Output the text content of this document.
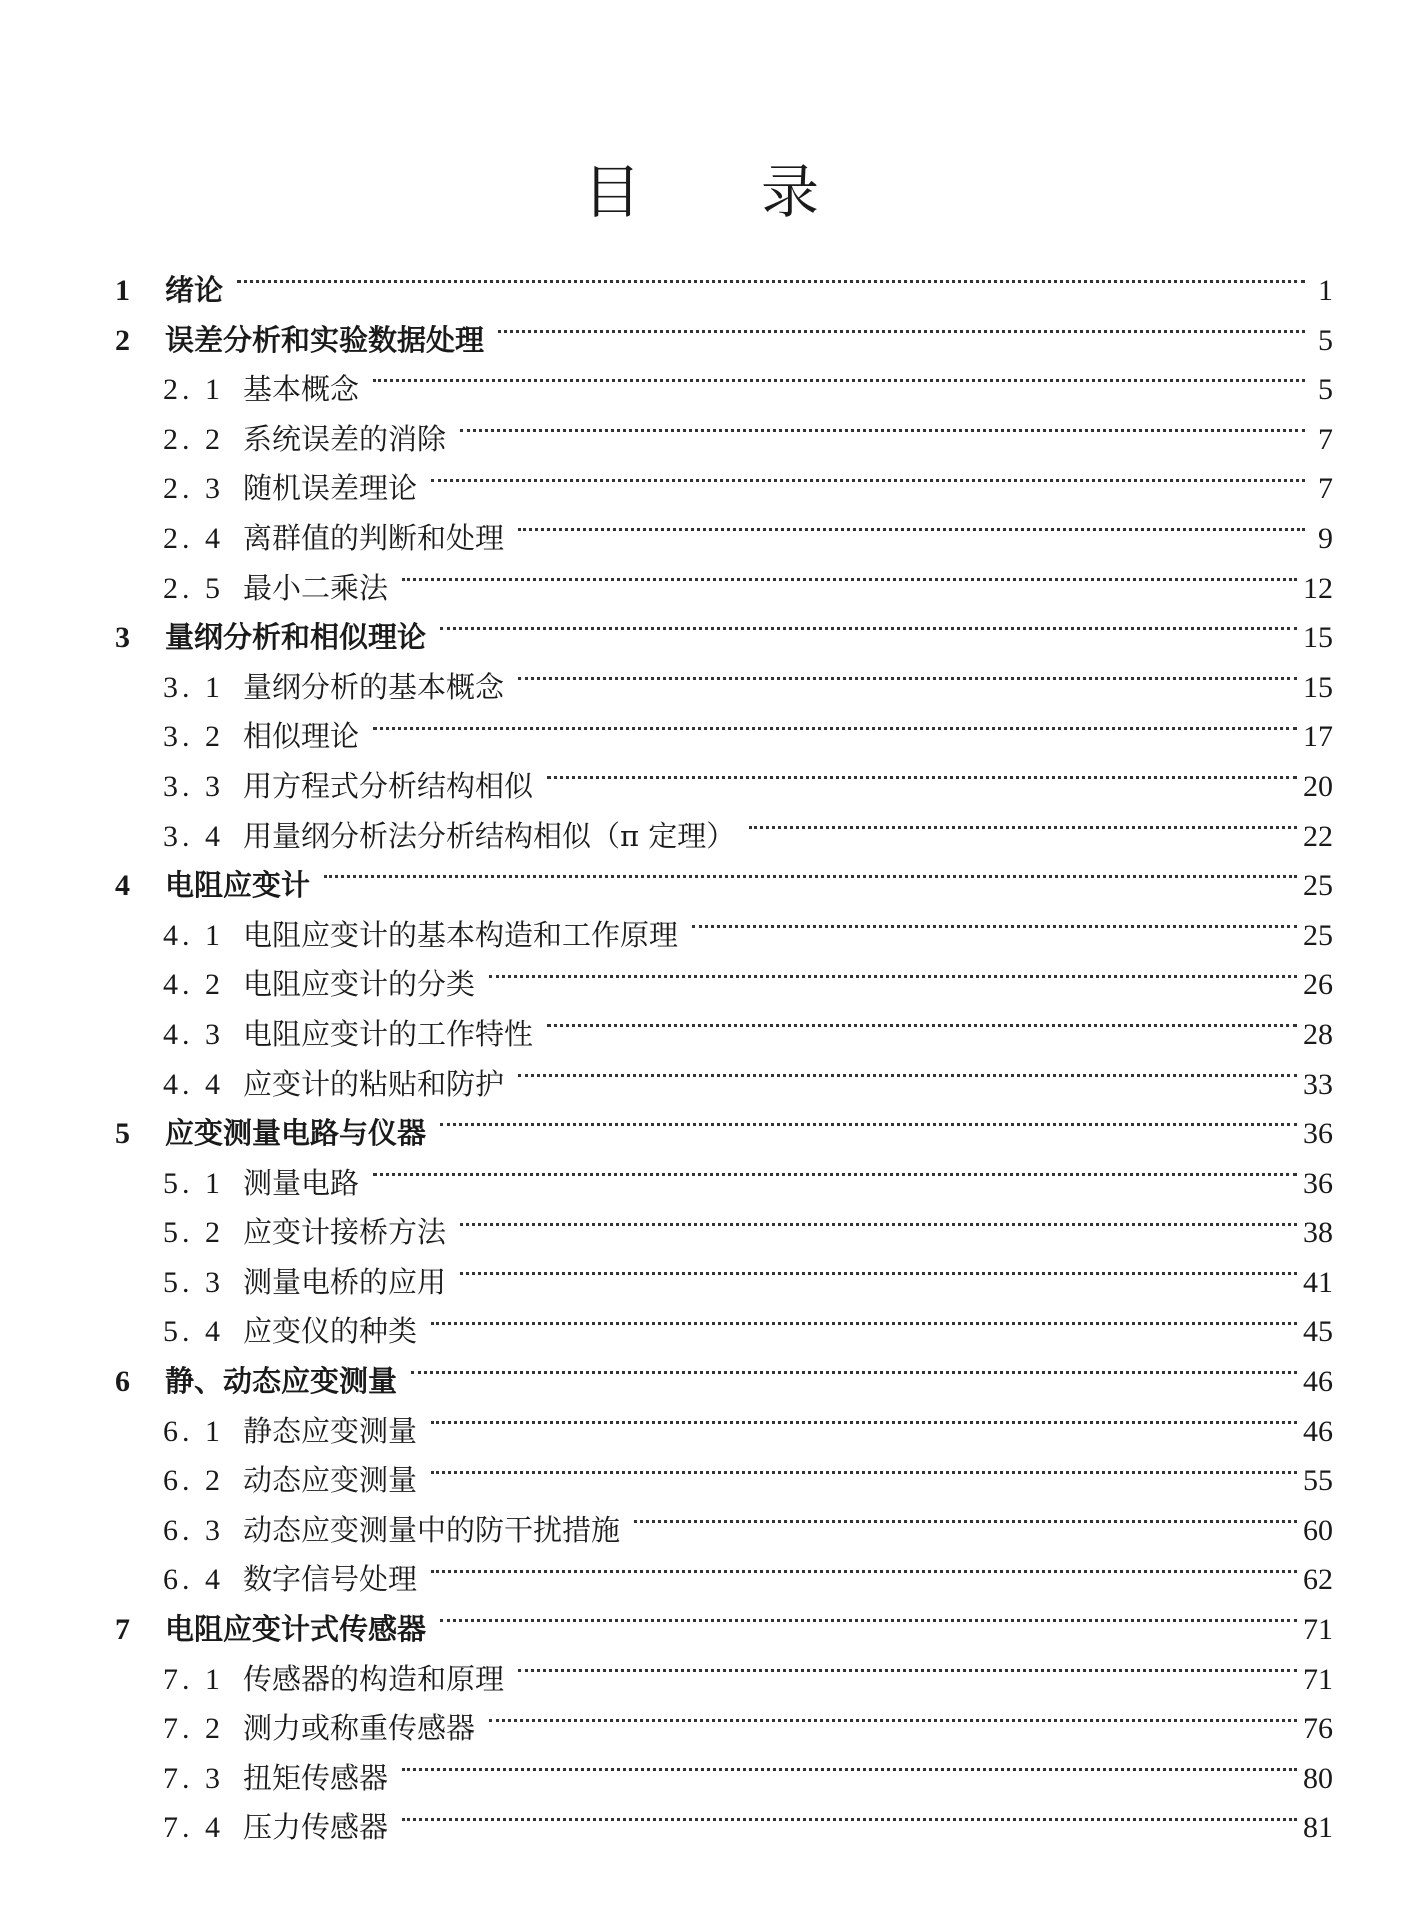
目录
1	绪论	1
2	误差分析和实验数据处理	5
2. 1 基本概念	5
2. 2 系统误差的消除	7
2. 3 随机误差理论	7
2. 4 离群值的判断和处理	9
2. 5 最小二乘法	12
3	量纲分析和相似理论	15
3. 1 量纲分析的基本概念	15
3. 2 相似理论	17
3. 3 用方程式分析结构相似	20
3. 4 用量纲分析法分析结构相似（π 定理）	22
4	电阻应变计	25
4. 1 电阻应变计的基本构造和工作原理	25
4. 2 电阻应变计的分类	26
4. 3 电阻应变计的工作特性	28
4. 4 应变计的粘贴和防护	33
5	应变测量电路与仪器	36
5. 1 测量电路	36
5. 2 应变计接桥方法	38
5. 3 测量电桥的应用	41
5. 4 应变仪的种类	45
6	静、动态应变测量	46
6. 1 静态应变测量	46
6. 2 动态应变测量	55
6. 3 动态应变测量中的防干扰措施	60
6. 4 数字信号处理	62
7	电阻应变计式传感器	71
7. 1 传感器的构造和原理	71
7. 2 测力或称重传感器	76
7. 3 扭矩传感器	80
7. 4 压力传感器	81
